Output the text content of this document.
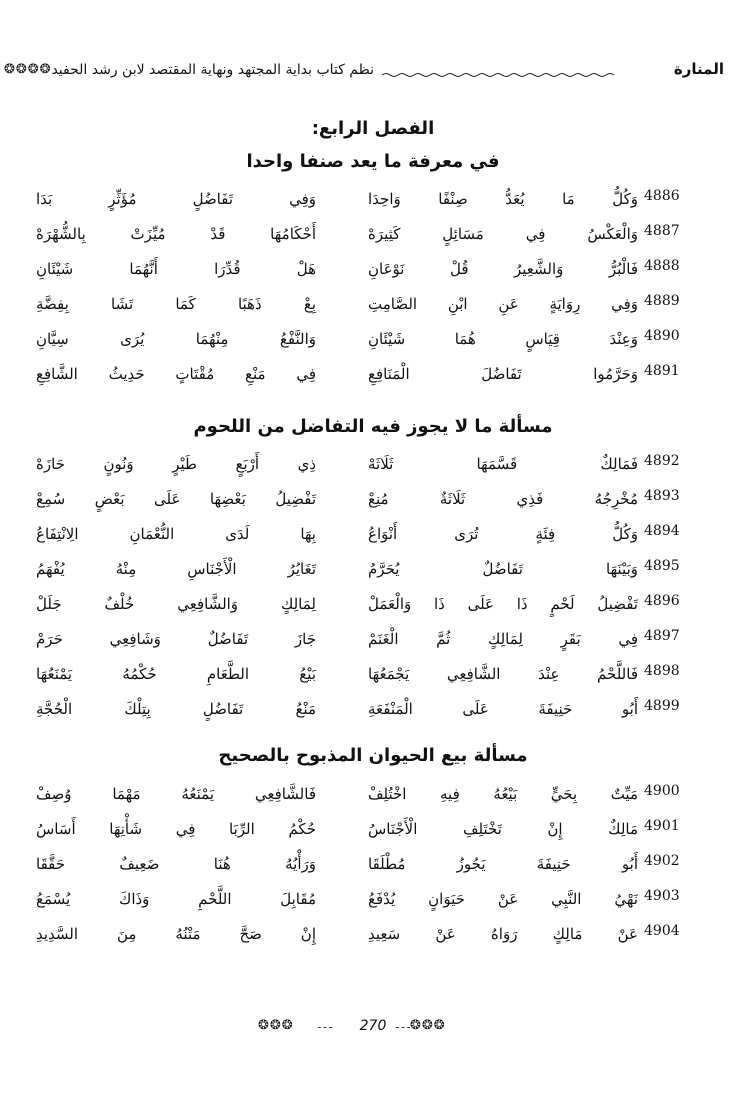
المنارة
نظم كتاب بداية المجتهد ونهاية المقتصد لابن رشد الحفيد
❂❂❂❂
الفصل الرابع:
في معرفة ما يعد صنفا واحدا
4886
وَكُلُّ مَا يُعَدُّ صِنْفًا وَاحِدَا
وَفِي تَفَاضُلٍ مُؤَثِّرٍ بَدَا
4887
وَالْعَكْسُ فِي مَسَائِلٍ كَثِيرَهْ
أَحْكَامُهَا قَدْ مُيِّزَتْ بِالشُّهْرَهْ
4888
فَالْبُرُّ وَالشَّعِيرُ قُلْ نَوْعَانِ
هَلْ قُدِّرَا أَنَّهُمَا شَيْئَانِ
4889
وَفِي رِوَايَةٍ عَنِ ابْنِ الصَّامِتِ
بِعْ ذَهَبًا كَمَا تَشَا بِفِضَّةِ
4890
وَعِنْدَ قِيَاسٍ هُمَا شَيْئَانِ
وَالنَّفْعُ مِنْهُمَا يُرَى سِيَّانِ
4891
وَحَرَّمُوا تَفَاضُلَ الْمَنَافِعِ
فِي مَنْعِ مُقْتَاتٍ حَدِيثُ الشَّافِعِ
مسألة ما لا يجوز فيه التفاضل من اللحوم
4892
فَمَالِكٌ قَسَّمَهَا ثَلَاثَهْ
ذِي أَرْبَعٍ طَيْرٍ وَنُونٍ حَازَهْ
4893
مُخْرِجُهُ فَذِي ثَلَاثَةٌ مُنِعْ
تَفْضِيلُ بَعْضِهَا عَلَى بَعْضٍ سُمِعْ
4894
وَكُلُّ فِئَةٍ تُرَى أَنْوَاعُ
بِهَا لَدَى النُّعْمَانِ الِانْتِفَاعُ
4895
وَبَيْنَهَا تَفَاضُلٌ يُحَرَّمُ
تَغَايُرُ الْأَجْنَاسِ مِنْهُ يُفْهَمُ
4896
تَفْضِيلُ لَحْمٍ ذَا عَلَى ذَا وَالْعَمَلْ
لِمَالِكٍ وَالشَّافِعِي خُلْفٌ جَلَلْ
4897
فِي بَقَرٍ لِمَالِكٍ ثُمَّ الْغَنَمْ
جَازَ تَفَاضُلٌ وَشَافِعِي حَرَمْ
4898
فَاللَّحْمُ عِنْدَ الشَّافِعِي يَجْمَعُهَا
بَيْعُ الطَّعَامِ حُكْمُهُ يَمْنَعُهَا
4899
أَبُو حَنِيفَةَ عَلَى الْمَنْفَعَةِ
مَنْعُ تَفَاضُلٍ بِتِلْكَ الْحُجَّةِ
مسألة بيع الحيوان المذبوح بالصحيح
4900
مَيِّتٌ بِحَيٍّ بَيْعُهُ فِيهِ اخْتُلِفْ
فَالشَّافِعِي يَمْنَعُهُ مَهْمَا وُصِفْ
4901
مَالِكٌ إِنْ تَخْتَلِفِ الْأَجْنَاسُ
حُكْمُ الرِّبَا فِي شَأْنِهَا أَسَاسُ
4902
أَبُو حَنِيفَةَ يَجُوزُ مُطْلَقَا
وَرَأْيُهُ هُنَا ضَعِيفٌ حَقَّقَا
4903
نَهْيُ النَّبِي عَنْ حَيَوَانٍ يُدْفَعُ
مُقَابِلَ اللَّحْمِ وَذَاكَ يُسْمَعُ
4904
عَنْ مَالِكٍ رَوَاهُ عَنْ سَعِيدِ
إِنْ صَحَّ مَتْنُهُ مِنَ السَّدِيدِ
❂❂❂	270	❂❂❂
